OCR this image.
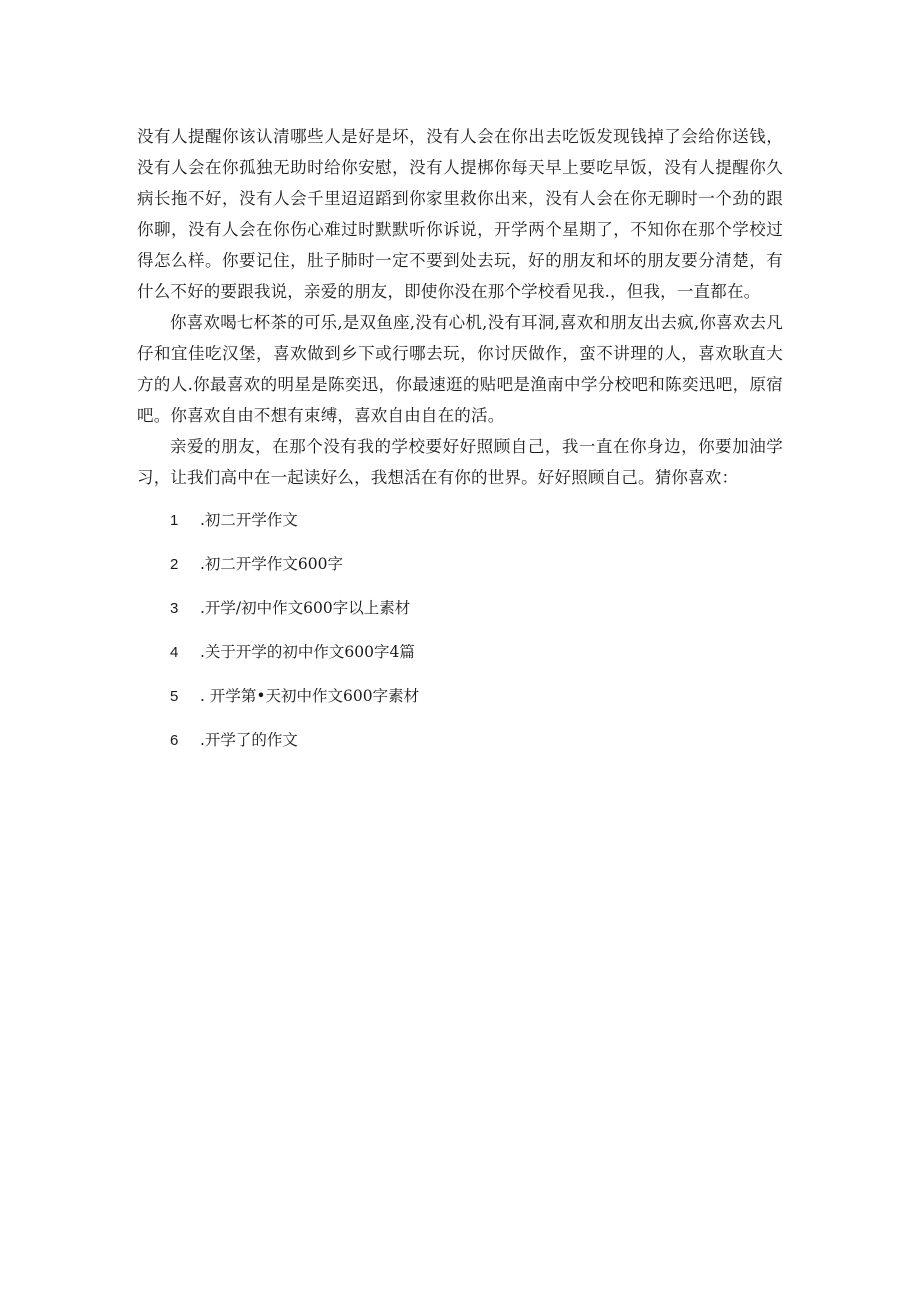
没有人提醒你该认清哪些人是好是坏，没有人会在你出去吃饭发现钱掉了会给你送钱，没有人会在你孤独无助时给你安慰，没有人提梆你每天早上要吃早饭，没有人提醒你久病长拖不好，没有人会千里迢迢蹈到你家里救你出来，没有人会在你无聊时一个劲的跟你聊，没有人会在你伤心难过时默默听你诉说，开学两个星期了，不知你在那个学校过得怎么样。你要记住，肚子肺时一定不要到处去玩，好的朋友和坏的朋友要分清楚，有什么不好的要跟我说，亲爱的朋友，即使你没在那个学校看见我.，但我，一直都在。

你喜欢喝七杯茶的可乐,是双鱼座,没有心机,没有耳洞,喜欢和朋友出去疯,你喜欢去凡仔和宜佳吃汉堡，喜欢做到乡下或行哪去玩，你讨厌做作，蛮不讲理的人，喜欢耿直大方的人.你最喜欢的明星是陈奕迅，你最速逛的贴吧是渔南中学分校吧和陈奕迅吧，原宿吧。你喜欢自由不想有束缚，喜欢自由自在的活。

亲爱的朋友，在那个没有我的学校要好好照顾自己，我一直在你身边，你要加油学习，让我们高中在一起读好么，我想活在有你的世界。好好照顾自己。猜你喜欢：

1	.初二开学作文
2	.初二开学作文600字
3	.开学/初中作文600字以上素材
4	.关于开学的初中作文600字4篇
5	. 开学第•天初中作文600字素材
6	.开学了的作文
